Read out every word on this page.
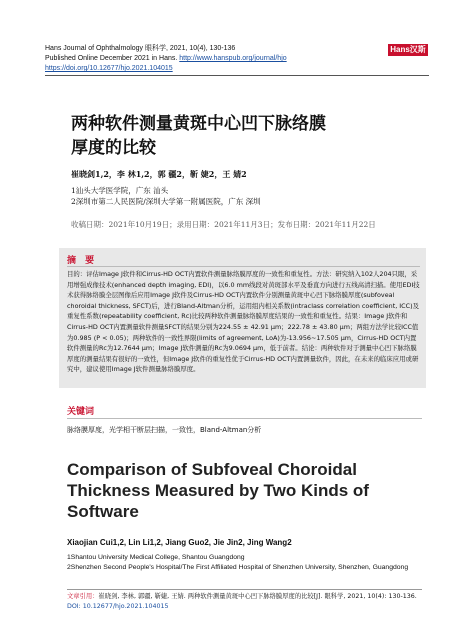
Hans Journal of Ophthalmology 眼科学, 2021, 10(4), 130-136
Published Online December 2021 in Hans. http://www.hanspub.org/journal/hjo
https://doi.org/10.12677/hjo.2021.104015
Hans汉斯
两种软件测量黄斑中心凹下脉络膜
厚度的比较
崔晓剑1,2，李 林1,2，郭 疆2，靳 婕2，王 婧2
1汕头大学医学院，广东 汕头
2深圳市第二人民医院/深圳大学第一附属医院，广东 深圳
收稿日期：2021年10月19日；录用日期：2021年11月3日；发布日期：2021年11月22日
摘 要
目的：评估Image J软件和Cirrus-HD OCT内置软件测量脉络膜厚度的一致性和重复性。方法：研究纳入102人204只眼，采用增强成像技术(enhanced depth imaging, EDI)，以6.0 mm线段对黄斑部水平及垂直方向进行五线高清扫描。使用EDI技术获得脉络膜全层图像后应用Image J软件及Cirrus-HD OCT内置软件分别测量黄斑中心凹下脉络膜厚度(subfoveal choroidal thickness, SFCT)后，进行Bland-Altman分析，运用组内相关系数(intraclass correlation coefficient, ICC)及重复性系数(repeatability coefficient, Rc)比较两种软件测量脉络膜厚度结果的一致性和重复性。结果：Image J软件和Cirrus-HD OCT内置测量软件测量SFCT的结果分别为224.55 ± 42.91 μm；222.78 ± 43.80 μm；两组方法学比较ICC值为0.985 (P < 0.05)；两种软件的一致性界限(limits of agreement, LoA)为-13.956~17.505 μm，Cirrus-HD OCT内置软件测量的Rc为12.7644 μm；Image J软件测量的Rc为9.0694 μm，低于前者。结论：两种软件对于测量中心凹下脉络膜厚度的测量结果有很好的一致性，但Image J软件的重复性优于Cirrus-HD OCT内置测量软件，因此，在未来的临床应用或研究中，建议使用Image J软件测量脉络膜厚度。
关键词
脉络膜厚度，光学相干断层扫描，一致性，Bland-Altman分析
Comparison of Subfoveal Choroidal Thickness Measured by Two Kinds of Software
Xiaojian Cui1,2, Lin Li1,2, Jiang Guo2, Jie Jin2, Jing Wang2
1Shantou University Medical College, Shantou Guangdong
2Shenzhen Second People's Hospital/The First Affiliated Hospital of Shenzhen University, Shenzhen, Guangdong
文章引用：崔晓剑, 李林, 郭疆, 靳婕, 王婧. 两种软件测量黄斑中心凹下脉络膜厚度的比较[J]. 眼科学, 2021, 10(4): 130-136. DOI: 10.12677/hjo.2021.104015
